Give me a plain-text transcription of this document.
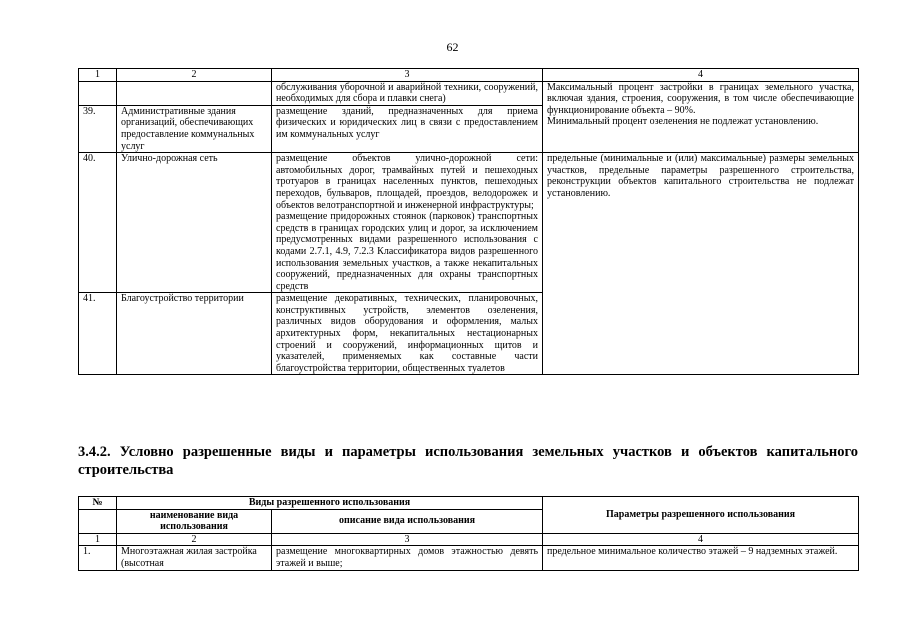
62
1	2	3	4
		обслуживания уборочной и аварийной техники, сооружений, необходимых для сбора и плавки снега)	Максимальный процент застройки в границах земельного участка, включая здания, строения, сооружения, в том числе обеспечивающие функционирование объекта – 90%.
Минимальный процент озеленения не подлежат установлению.

39.	Административные здания организаций, обеспечивающих предоставление коммунальных услуг	размещение зданий, предназначенных для приема физических и юридических лиц в связи с предоставлением им коммунальных услуг	
40.	Улично-дорожная сеть	размещение объектов улично-дорожной сети: автомобильных дорог, трамвайных путей и пешеходных тротуаров в границах населенных пунктов, пешеходных переходов, бульваров, площадей, проездов, велодорожек и объектов велотранспортной и инженерной инфраструктуры;
размещение придорожных стоянок (парковок) транспортных средств в границах городских улиц и дорог, за исключением предусмотренных видами разрешенного использования с кодами 2.7.1, 4.9, 7.2.3 Классификатора видов разрешенного использования земельных участков, а также некапитальных сооружений, предназначенных для охраны транспортных средств	предельные (минимальные и (или) максимальные) размеры земельных участков, предельные параметры разрешенного строительства, реконструкции объектов капитального строительства не подлежат установлению.
41.	Благоустройство территории	размещение декоративных, технических, планировочных, конструктивных устройств, элементов озеленения, различных видов оборудования и оформления, малых архитектурных форм, некапитальных нестационарных строений и сооружений, информационных щитов и указателей, применяемых как составные части благоустройства территории, общественных туалетов	
3.4.2. Условно разрешенные виды и параметры использования земельных участков и объектов капитального строительства
№	Виды разрешенного использования		Параметры разрешенного использования
	наименование вида использования	описание вида использования	
1	2	3	4
1.	Многоэтажная жилая застройка (высотная	размещение многоквартирных домов этажностью девять этажей и выше;	предельное минимальное количество этажей – 9 надземных этажей.
